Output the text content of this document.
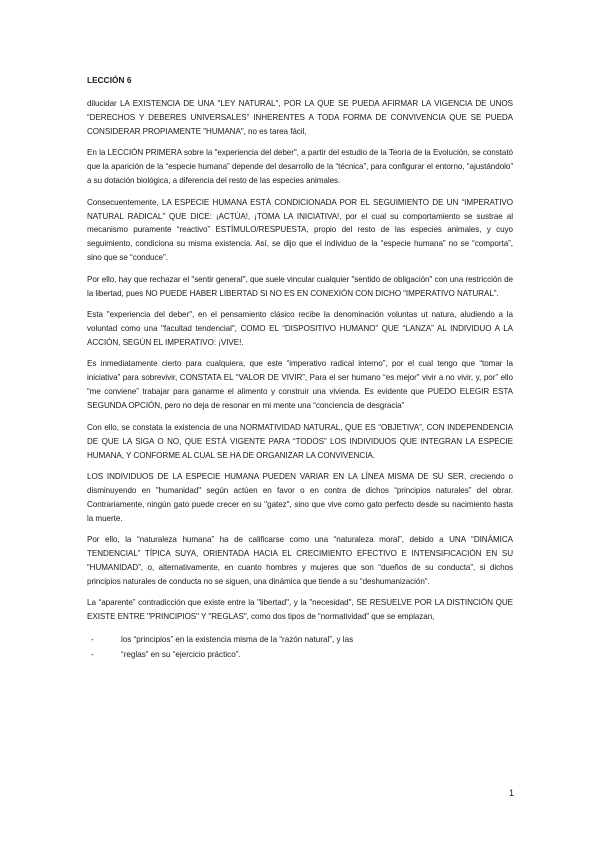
LECCIÓN 6

dilucidar LA EXISTENCIA DE UNA "LEY NATURAL", POR LA QUE SE PUEDA AFIRMAR LA VIGENCIA DE UNOS “DERECHOS Y DEBERES UNIVERSALES” INHERENTES A TODA FORMA DE CONVIVENCIA QUE SE PUEDA CONSIDERAR PROPIAMENTE "HUMANA", no es tarea fácil,

En la LECCIÓN PRIMERA sobre la "experiencia del deber", a partir del estudio de la Teoría de la Evolución, se constató que la aparición de la “especie humana” depende del desarrollo de la “técnica”, para configurar el entorno, “ajustándolo” a su dotación biológica, a diferencia del resto de las especies animales.

Consecuentemente, LA ESPECIE HUMANA ESTÁ CONDICIONADA POR EL SEGUIMIENTO DE UN “IMPERATIVO NATURAL RADICAL” QUE DICE: ¡ACTÚA!, ¡TOMA LA INICIATIVA!, por el cual su comportamiento se sustrae al mecanismo puramente “reactivo” ESTÍMULO/RESPUESTA, propio del resto de las especies animales, y cuyo seguimiento, condiciona su misma existencia. Así, se dijo que el individuo de la “especie humana” no se “comporta”, sino que se “conduce”.

Por ello, hay que rechazar el "sentir general", que suele vincular cualquier "sentido de obligación" con una restricción de la libertad, pues NO PUEDE HABER LIBERTAD SI NO ES EN CONEXIÓN CON DICHO “IMPERATIVO NATURAL”.

Esta "experiencia del deber", en el pensamiento clásico recibe la denominación voluntas ut natura, aludiendo a la voluntad como una "facultad tendencial", COMO EL “DISPOSITIVO HUMANO” QUE “LANZA” AL INDIVIDUO A LA ACCIÓN, SEGÚN EL IMPERATIVO: ¡VIVE!.

Es inmediatamente cierto para cualquiera, que este “imperativo radical interno”, por el cual tengo que “tomar la iniciativa” para sobrevivir, CONSTATA EL “VALOR DE VIVIR”, Para el ser humano “es mejor” vivir a no vivir, y, por” ello “me conviene” trabajar para ganarme el alimento y construir una vivienda. Es evidente que PUEDO ELEGIR ESTA SEGUNDA OPCIÓN, pero no deja de resonar en mi mente una “conciencia de desgracia”

Con ello, se constata la existencia de una NORMATIVIDAD NATURAL, QUE ES “OBJETIVA”, CON INDEPENDENCIA DE QUE LA SIGA O NO, QUE ESTÁ VIGENTE PARA “TODOS” LOS INDIVIDUOS QUE INTEGRAN LA ESPECIE HUMANA, Y CONFORME AL CUAL SE HA DE ORGANIZAR LA CONVIVENCIA.

LOS INDIVIDUOS DE LA ESPECIE HUMANA PUEDEN VARIAR EN LA LÍNEA MISMA DE SU SER, creciendo o disminuyendo en "humanidad" según actúen en favor o en contra de dichos “principios naturales” del obrar. Contrariamente, ningún gato puede crecer en su "gatez", sino que vive como gato perfecto desde su nacimiento hasta la muerte.

Por ello, la “naturaleza humana” ha de calificarse como una “naturaleza moral”, debido a UNA “DINÁMICA TENDENCIAL” TÍPICA SUYA, ORIENTADA HACIA EL CRECIMIENTO EFECTIVO E INTENSIFICACIÓN EN SU “HUMANIDAD”, o, alternativamente, en cuanto hombres y mujeres que son “dueños de su conducta”, si dichos principios naturales de conducta no se siguen, una dinámica que tiende a su “deshumanización”.

La “aparente” contradicción que existe entre la "libertad", y la "necesidad", SE RESUELVE POR LA DISTINCIÓN QUE EXISTE ENTRE "PRINCIPIOS" Y "REGLAS", como dos tipos de “normatividad” que se emplazan,

-	los “principios” en la existencia misma de la “razón natural”, y las
-	“reglas” en su “ejercicio práctico”.
1
